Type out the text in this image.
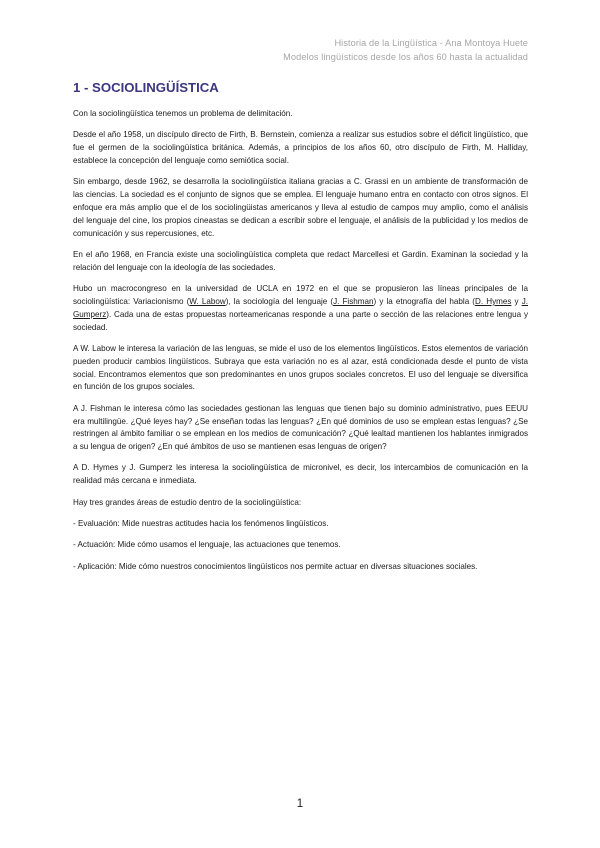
Historia de la Lingüística - Ana Montoya Huete
Modelos lingüísticos desde los años 60 hasta la actualidad
1 - SOCIOLINGÜÍSTICA

Con la sociolingüística tenemos un problema de delimitación.

Desde el año 1958, un discípulo directo de Firth, B. Bernstein, comienza a realizar sus estudios sobre el déficit lingüístico, que fue el germen de la sociolingüística británica. Además, a principios de los años 60, otro discípulo de Firth, M. Halliday, establece la concepción del lenguaje como semiótica social.

Sin embargo, desde 1962, se desarrolla la sociolingüística italiana gracias a C. Grassi en un ambiente de transformación de las ciencias. La sociedad es el conjunto de signos que se emplea. El lenguaje humano entra en contacto con otros signos. El enfoque era más amplio que el de los sociolingüistas americanos y lleva al estudio de campos muy amplio, como el análisis del lenguaje del cine, los propios cineastas se dedican a escribir sobre el lenguaje, el análisis de la publicidad y los medios de comunicación y sus repercusiones, etc.

En el año 1968, en Francia existe una sociolingüística completa que redact Marcellesi et Gardin. Examinan la sociedad y la relación del lenguaje con la ideología de las sociedades.

Hubo un macrocongreso en la universidad de UCLA en 1972 en el que se propusieron las líneas principales de la sociolingüística: Variacionismo (W. Labow), la sociología del lenguaje (J. Fishman) y la etnografía del habla (D. Hymes y J. Gumperz). Cada una de estas propuestas norteamericanas responde a una parte o sección de las relaciones entre lengua y sociedad.

A W. Labow le interesa la variación de las lenguas, se mide el uso de los elementos lingüísticos. Estos elementos de variación pueden producir cambios lingüísticos. Subraya que esta variación no es al azar, está condicionada desde el punto de vista social. Encontramos elementos que son predominantes en unos grupos sociales concretos. El uso del lenguaje se diversifica en función de los grupos sociales.

A J. Fishman le interesa cómo las sociedades gestionan las lenguas que tienen bajo su dominio administrativo, pues EEUU era multilingüe. ¿Qué leyes hay? ¿Se enseñan todas las lenguas? ¿En qué dominios de uso se emplean estas lenguas? ¿Se restringen al ámbito familiar o se emplean en los medios de comunicación? ¿Qué lealtad mantienen los hablantes inmigrados a su lengua de origen? ¿En qué ámbitos de uso se mantienen esas lenguas de origen?

A D. Hymes y J. Gumperz les interesa la sociolingüística de micronivel, es decir, los intercambios de comunicación en la realidad más cercana e inmediata.

Hay tres grandes áreas de estudio dentro de la sociolingüística:

- Evaluación: Mide nuestras actitudes hacia los fenómenos lingüísticos.

- Actuación: Mide cómo usamos el lenguaje, las actuaciones que tenemos.

- Aplicación: Mide cómo nuestros conocimientos lingüísticos nos permite actuar en diversas situaciones sociales.

1
